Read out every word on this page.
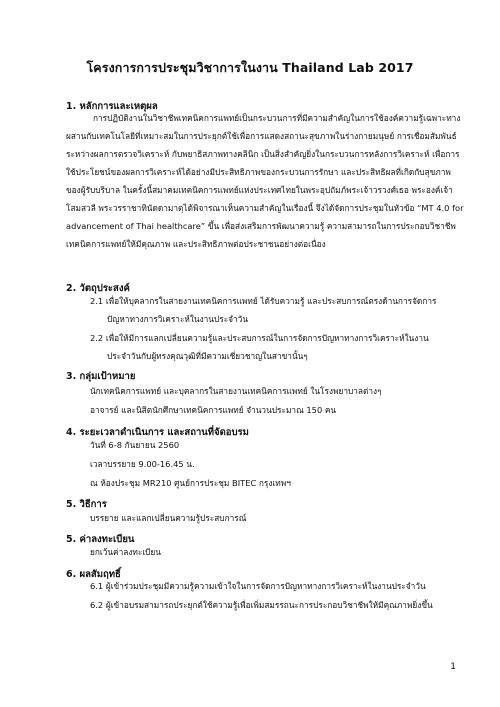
โครงการการประชุมวิชาการในงาน Thailand Lab 2017
1. หลักการและเหตุผล
การปฏิบัติงานในวิชาชีพเทคนิคการแพทย์เป็นกระบวนการที่มีความสำคัญในการใช้องค์ความรู้เฉพาะทาง
ผสานกับเทคโนโลยีที่เหมาะสมในการประยุกต์ใช้เพื่อการแสดงสถานะสุขภาพในร่างกายมนุษย์ การเชื่อมสัมพันธ์
ระหว่างผลการตรวจวิเคราะห์ กับพยาธิสภาพทางคลินิก เป็นสิ่งสำคัญยิ่งในกระบวนการหลังการวิเคราะห์ เพื่อการ
ใช้ประโยชน์ของผลการวิเคราะห์ได้อย่างมีประสิทธิภาพของกระบวนการรักษา และประสิทธิผลที่เกิดกับสุขภาพ
ของผู้รับบริบาล ในครั้งนี้สมาคมเทคนิคการแพทย์แห่งประเทศไทยในพระอุปถัมภ์พระเจ้าวรวงศ์เธอ พระองค์เจ้า
โสมสวลี พระวรราชาทินัดดามาตุได้พิจารณาเห็นความสำคัญในเรื่องนี้ จึงได้จัดการประชุมในหัวข้อ “MT 4.0 for
advancement of Thai healthcare” ขึ้น เพื่อส่งเสริมการพัฒนาความรู้ ความสามารถในการประกอบวิชาชีพ
เทคนิคการแพทย์ให้มีคุณภาพ และประสิทธิภาพต่อประชาชนอย่างต่อเนื่อง
2. วัตถุประสงค์
2.1 เพื่อให้บุคลากรในสายงานเทคนิคการแพทย์ ได้รับความรู้ และประสบการณ์ตรงด้านการจัดการ
ปัญหาทางการวิเคราะห์ในงานประจำวัน
2.2 เพื่อให้มีการแลกเปลี่ยนความรู้และประสบการณ์ในการจัดการปัญหาทางการวิเคราะห์ในงาน
ประจำวันกับผู้ทรงคุณวุฒิที่มีความเชี่ยวชาญในสาขานั้นๆ
3. กลุ่มเป้าหมาย
นักเทคนิคการแพทย์ และบุคลากรในสายงานเทคนิคการแพทย์ ในโรงพยาบาลต่างๆ
อาจารย์ และนิสิตนักศึกษาเทคนิคการแพทย์ จำนวนประมาณ 150 คน
4. ระยะเวลาดำเนินการ และสถานที่จัดอบรม
วันที่ 6-8 กันยายน 2560
เวลาบรรยาย 9.00-16.45 น.
ณ ห้องประชุม MR210 ศูนย์การประชุม BITEC กรุงเทพฯ
5. วิธีการ
บรรยาย และแลกเปลี่ยนความรู้ประสบการณ์
5. ค่าลงทะเบียน
ยกเว้นค่าลงทะเบียน
6. ผลสัมฤทธิ์
6.1 ผู้เข้าร่วมประชุมมีความรู้ความเข้าใจในการจัดการปัญหาทางการวิเคราะห์ในงานประจำวัน
6.2 ผู้เข้าอบรมสามารถประยุกต์ใช้ความรู้เพื่อเพิ่มสมรรถนะการประกอบวิชาชีพให้มีคุณภาพยิ่งขึ้น
1
